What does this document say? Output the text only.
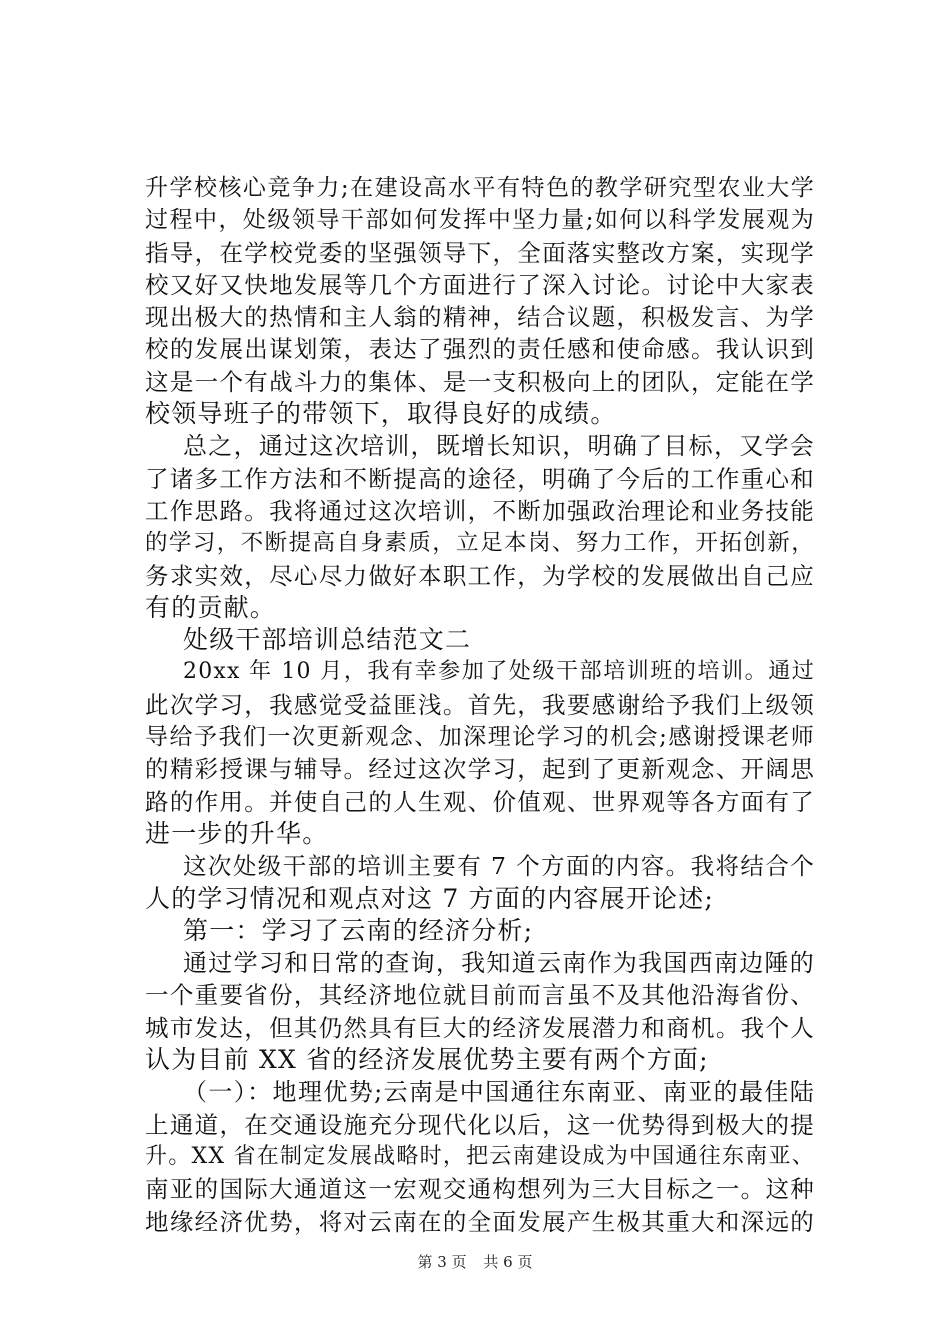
升学校核心竞争力;在建设高水平有特色的教学研究型农业大学
过程中，处级领导干部如何发挥中坚力量;如何以科学发展观为
指导，在学校党委的坚强领导下，全面落实整改方案，实现学
校又好又快地发展等几个方面进行了深入讨论。讨论中大家表
现出极大的热情和主人翁的精神，结合议题，积极发言、为学
校的发展出谋划策，表达了强烈的责任感和使命感。我认识到
这是一个有战斗力的集体、是一支积极向上的团队，定能在学
校领导班子的带领下，取得良好的成绩。
总之，通过这次培训，既增长知识，明确了目标，又学会
了诸多工作方法和不断提高的途径，明确了今后的工作重心和
工作思路。我将通过这次培训，不断加强政治理论和业务技能
的学习，不断提高自身素质，立足本岗、努力工作，开拓创新，
务求实效，尽心尽力做好本职工作，为学校的发展做出自己应
有的贡献。
处级干部培训总结范文二
20xx 年 10 月，我有幸参加了处级干部培训班的培训。通过
此次学习，我感觉受益匪浅。首先，我要感谢给予我们上级领
导给予我们一次更新观念、加深理论学习的机会;感谢授课老师
的精彩授课与辅导。经过这次学习，起到了更新观念、开阔思
路的作用。并使自己的人生观、价值观、世界观等各方面有了
进一步的升华。
这次处级干部的培训主要有 7 个方面的内容。我将结合个
人的学习情况和观点对这 7 方面的内容展开论述;
第一：学习了云南的经济分析;
通过学习和日常的查询，我知道云南作为我国西南边陲的
一个重要省份，其经济地位就目前而言虽不及其他沿海省份、
城市发达，但其仍然具有巨大的经济发展潜力和商机。我个人
认为目前 XX 省的经济发展优势主要有两个方面;
（一）：地理优势;云南是中国通往东南亚、南亚的最佳陆
上通道，在交通设施充分现代化以后，这一优势得到极大的提
升。XX 省在制定发展战略时，把云南建设成为中国通往东南亚、
南亚的国际大通道这一宏观交通构想列为三大目标之一。这种
地缘经济优势，将对云南在的全面发展产生极其重大和深远的
第 3 页 共 6 页
